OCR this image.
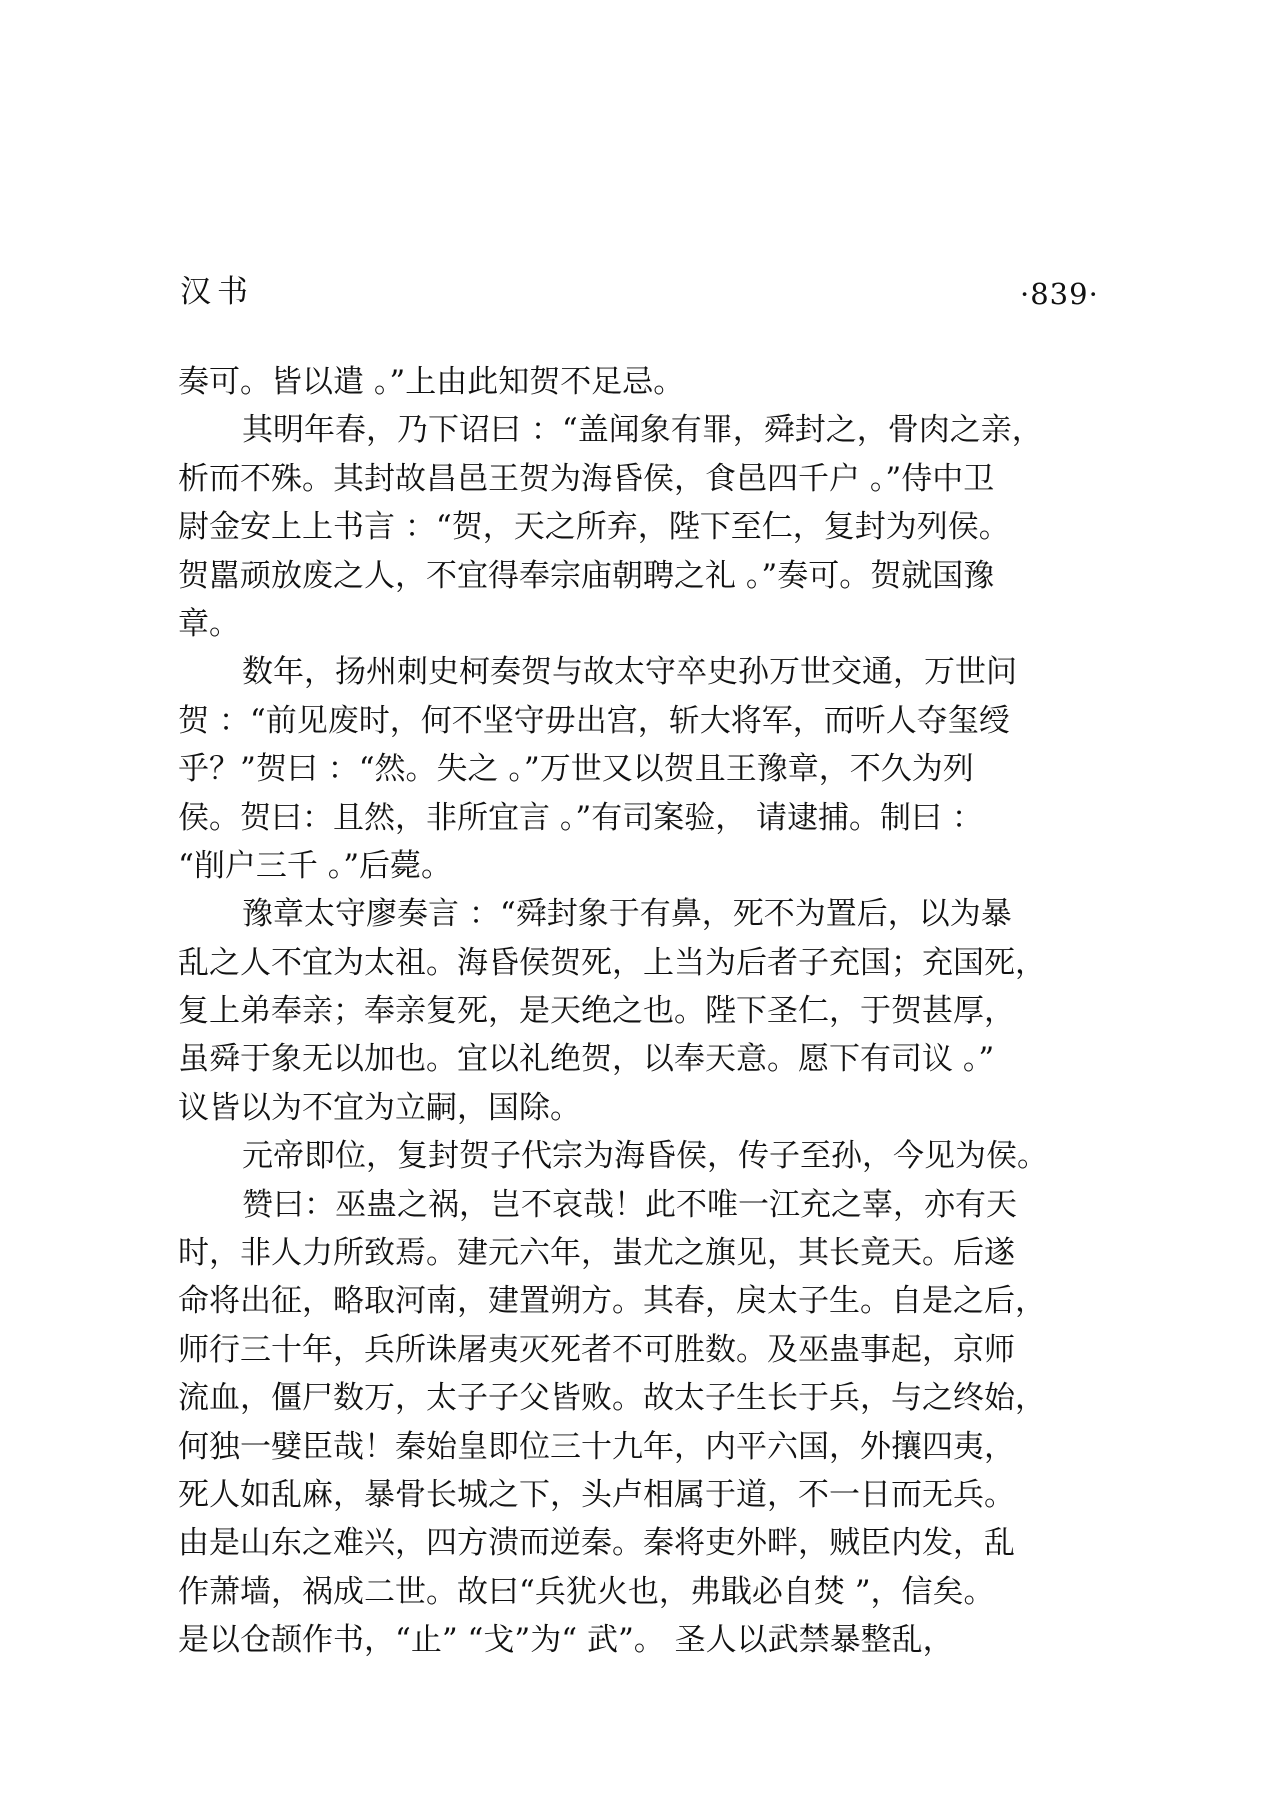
汉书	·839·
奏可。皆以遣 。”上由此知贺不足忌。
其明年春，乃下诏曰 ：“盖闻象有罪，舜封之，骨肉之亲，
析而不殊。其封故昌邑王贺为海昏侯，食邑四千户 。”侍中卫
尉金安上上书言 ：“贺，天之所弃，陛下至仁，复封为列侯。
贺嚚顽放废之人，不宜得奉宗庙朝聘之礼 。”奏可。贺就国豫
章。
数年，扬州刺史柯奏贺与故太守卒史孙万世交通，万世问
贺 ：“前见废时，何不坚守毋出宫，斩大将军，而听人夺玺绶
乎？”贺曰 ：“然。失之 。”万世又以贺且王豫章，不久为列
侯。贺曰：且然，非所宜言 。”有司案验， 请逮捕。制曰 ：
“削户三千 。”后薨。
豫章太守廖奏言 ：“舜封象于有鼻，死不为置后，以为暴
乱之人不宜为太祖。海昏侯贺死，上当为后者子充国；充国死，
复上弟奉亲；奉亲复死，是天绝之也。陛下圣仁，于贺甚厚，
虽舜于象无以加也。宜以礼绝贺，以奉天意。愿下有司议 。”
议皆以为不宜为立嗣，国除。
元帝即位，复封贺子代宗为海昏侯，传子至孙，今见为侯。
赞曰：巫蛊之祸，岂不哀哉！此不唯一江充之辜，亦有天
时，非人力所致焉。建元六年，蚩尤之旗见，其长竟天。后遂
命将出征，略取河南，建置朔方。其春，戾太子生。自是之后，
师行三十年，兵所诛屠夷灭死者不可胜数。及巫蛊事起，京师
流血，僵尸数万，太子子父皆败。故太子生长于兵，与之终始，
何独一嬖臣哉！秦始皇即位三十九年，内平六国，外攘四夷，
死人如乱麻，暴骨长城之下，头卢相属于道，不一日而无兵。
由是山东之难兴，四方溃而逆秦。秦将吏外畔，贼臣内发，乱
作萧墙，祸成二世。故曰“兵犹火也，弗戢必自焚 ”，信矣。
是以仓颉作书，“止” “戈”为“ 武”。 圣人以武禁暴整乱，
